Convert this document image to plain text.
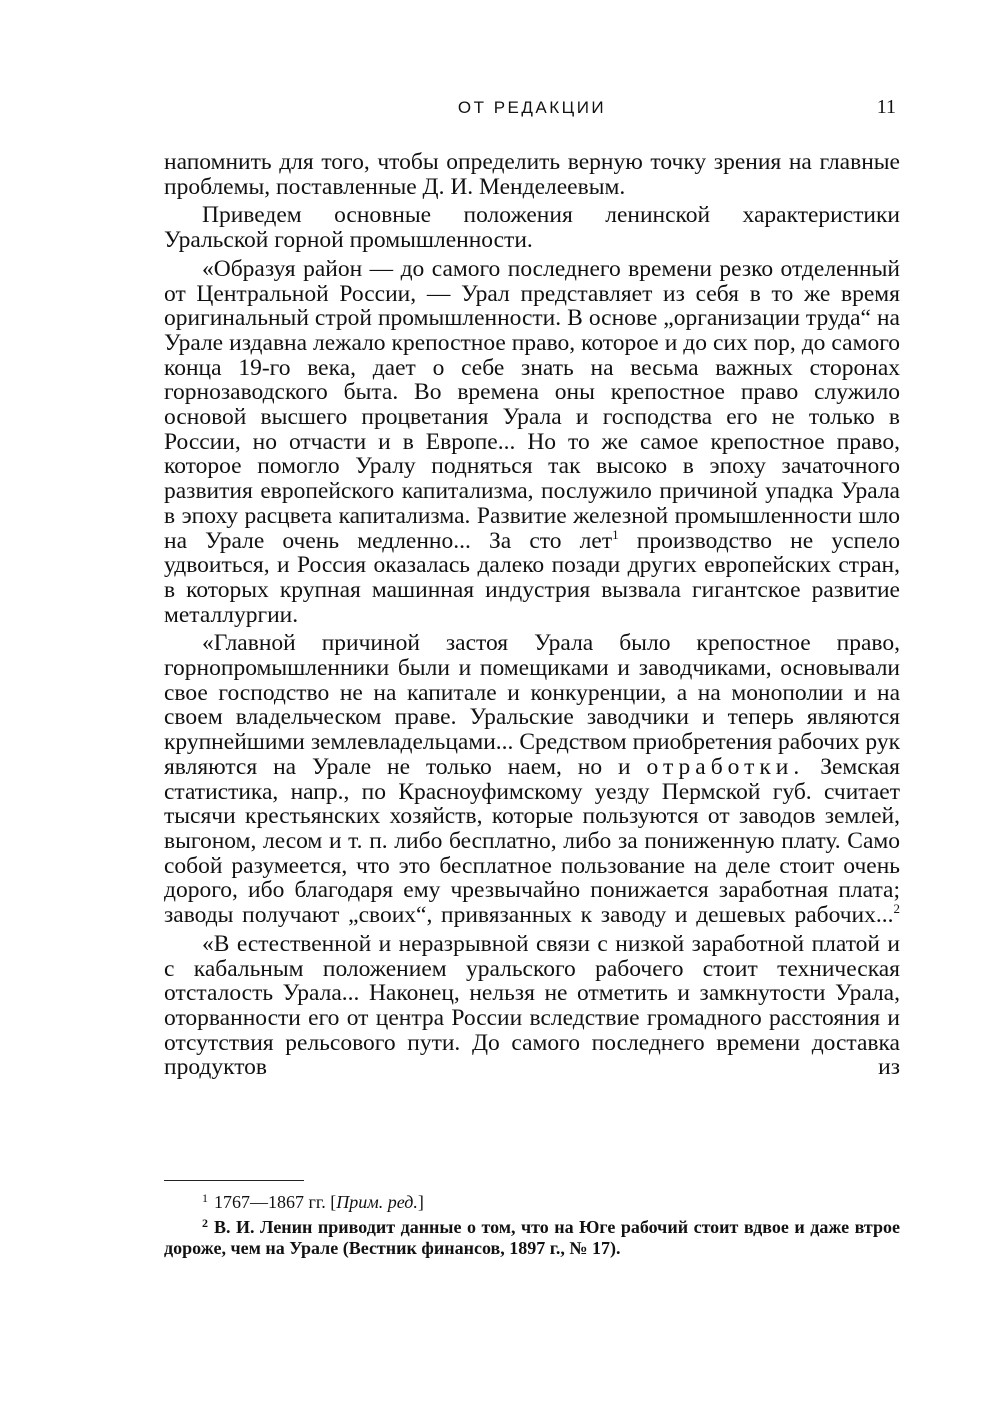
ОТ РЕДАКЦИИ	11

напомнить для того, чтобы определить верную точку зрения на главные проблемы, поставленные Д. И. Менделеевым.

Приведем основные положения ленинской характеристики Уральской горной промышленности.

«Образуя район — до самого последнего времени резко отделенный от Центральной России, — Урал представляет из себя в то же время оригинальный строй промышленности. В основе „организации труда“ на Урале издавна лежало крепостное право, которое и до сих пор, до самого конца 19-го века, дает о себе знать на весьма важных сторонах горнозаводского быта. Во времена оны крепостное право служило основой высшего процветания Урала и господства его не только в России, но отчасти и в Европе... Но то же самое крепостное право, которое помогло Уралу подняться так высоко в эпоху зачаточного развития европейского капитализма, послужило причиной упадка Урала в эпоху расцвета капитализма. Развитие железной промышленности шло на Урале очень медленно... За сто лет$^1$ производство не успело удвоиться, и Россия оказалась далеко позади других европейских стран, в которых крупная машинная индустрия вызвала гигантское развитие металлургии.

«Главной причиной застоя Урала было крепостное право, горнопромышленники были и помещиками и заводчиками, основывали свое господство не на капитале и конкуренции, а на монополии и на своем владельческом праве. Уральские заводчики и теперь являются крупнейшими землевладельцами... Средством приобретения рабочих рук являются на Урале не только наем, но и отработки. Земская статистика, напр., по Красноуфимскому уезду Пермской губ. считает тысячи крестьянских хозяйств, которые пользуются от заводов землей, выгоном, лесом и т. п. либо бесплатно, либо за пониженную плату. Само собой разумеется, что это бесплатное пользование на деле стоит очень дорого, ибо благодаря ему чрезвычайно понижается заработная плата; заводы получают „своих“, привязанных к заводу и дешевых рабочих...$^2$

«В естественной и неразрывной связи с низкой заработной платой и с кабальным положением уральского рабочего стоит техническая отсталость Урала... Наконец, нельзя не отметить и замкнутости Урала, оторванности его от центра России вследствие громадного расстояния и отсутствия рельсового пути. До самого последнего времени доставка продуктов из

$^1$ 1767—1867 гг. [Прим. ред.]

$^2$ В. И. Ленин приводит данные о том, что на Юге рабочий стоит вдвое и даже втрое дороже, чем на Урале (Вестник финансов, 1897 г., № 17).
